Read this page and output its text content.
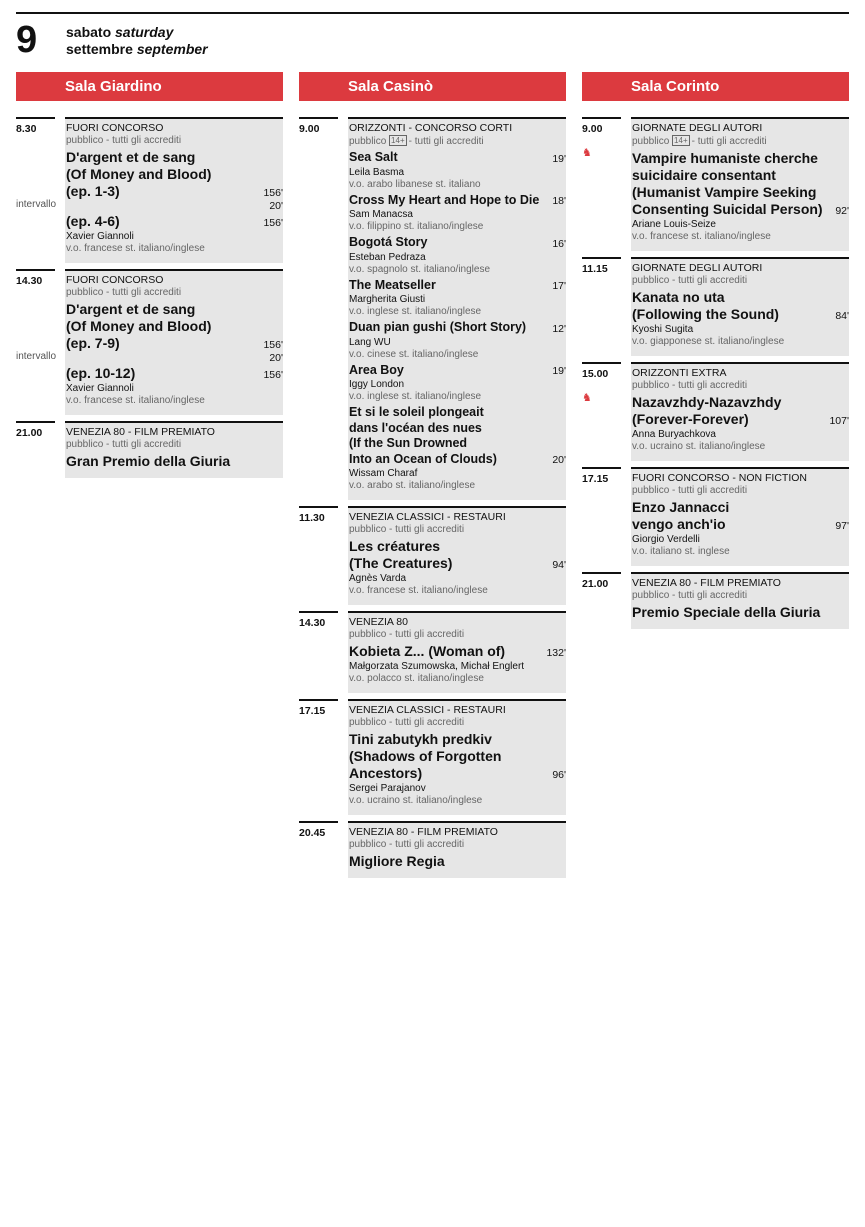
9 sabato saturday
settembre september
Sala Giardino
8.30
intervallo
FUORI CONCORSO
pubblico - tutti gli accrediti
D'argent et de sang
(Of Money and Blood)
(ep. 1-3)	156'
20'
(ep. 4-6)	156'
Xavier Giannoli
v.o. francese st. italiano/inglese
14.30
intervallo
FUORI CONCORSO
pubblico - tutti gli accrediti
D'argent et de sang
(Of Money and Blood)
(ep. 7-9)	156'
20'
(ep. 10-12)	156'
Xavier Giannoli
v.o. francese st. italiano/inglese
21.00	VENEZIA 80 - FILM PREMIATO
pubblico - tutti gli accrediti
Gran Premio della Giuria
Sala Casinò
9.00	ORIZZONTI - CONCORSO CORTI
pubblico 14+ - tutti gli accrediti
Sea Salt	19'
Leila Basma
v.o. arabo libanese st. italiano
Cross My Heart and Hope to Die	18'
Sam Manacsa
v.o. filippino st. italiano/inglese
Bogotá Story	16'
Esteban Pedraza
v.o. spagnolo st. italiano/inglese
The Meatseller	17'
Margherita Giusti
v.o. inglese st. italiano/inglese
Duan pian gushi (Short Story)	12'
Lang WU
v.o. cinese st. italiano/inglese
Area Boy	19'
Iggy London
v.o. inglese st. italiano/inglese
Et si le soleil plongeait
dans l'océan des nues
(If the Sun Drowned
Into an Ocean of Clouds)	20'
Wissam Charaf
v.o. arabo st. italiano/inglese
11.30	VENEZIA CLASSICI - RESTAURI
pubblico - tutti gli accrediti
Les créatures
(The Creatures)	94'
Agnès Varda
v.o. francese st. italiano/inglese
14.30	VENEZIA 80
pubblico - tutti gli accrediti
Kobieta Z... (Woman of)	132'
Małgorzata Szumowska, Michał Englert
v.o. polacco st. italiano/inglese
17.15	VENEZIA CLASSICI - RESTAURI
pubblico - tutti gli accrediti
Tini zabutykh predkiv
(Shadows of Forgotten
Ancestors)	96'
Sergei Parajanov
v.o. ucraino st. italiano/inglese
20.45	VENEZIA 80 - FILM PREMIATO
pubblico - tutti gli accrediti
Migliore Regia
Sala Corinto
9.00
♞
GIORNATE DEGLI AUTORI
pubblico 14+ - tutti gli accrediti
Vampire humaniste cherche
suicidaire consentant
(Humanist Vampire Seeking
Consenting Suicidal Person)	92'
Ariane Louis-Seize
v.o. francese st. italiano/inglese
11.15	GIORNATE DEGLI AUTORI
pubblico - tutti gli accrediti
Kanata no uta
(Following the Sound)	84'
Kyoshi Sugita
v.o. giapponese st. italiano/inglese
15.00
♞
ORIZZONTI EXTRA
pubblico - tutti gli accrediti
Nazavzhdy-Nazavzhdy
(Forever-Forever)	107'
Anna Buryachkova
v.o. ucraino st. italiano/inglese
17.15	FUORI CONCORSO - NON FICTION
pubblico - tutti gli accrediti
Enzo Jannacci
vengo anch'io	97'
Giorgio Verdelli
v.o. italiano st. inglese
21.00	VENEZIA 80 - FILM PREMIATO
pubblico - tutti gli accrediti
Premio Speciale della Giuria
